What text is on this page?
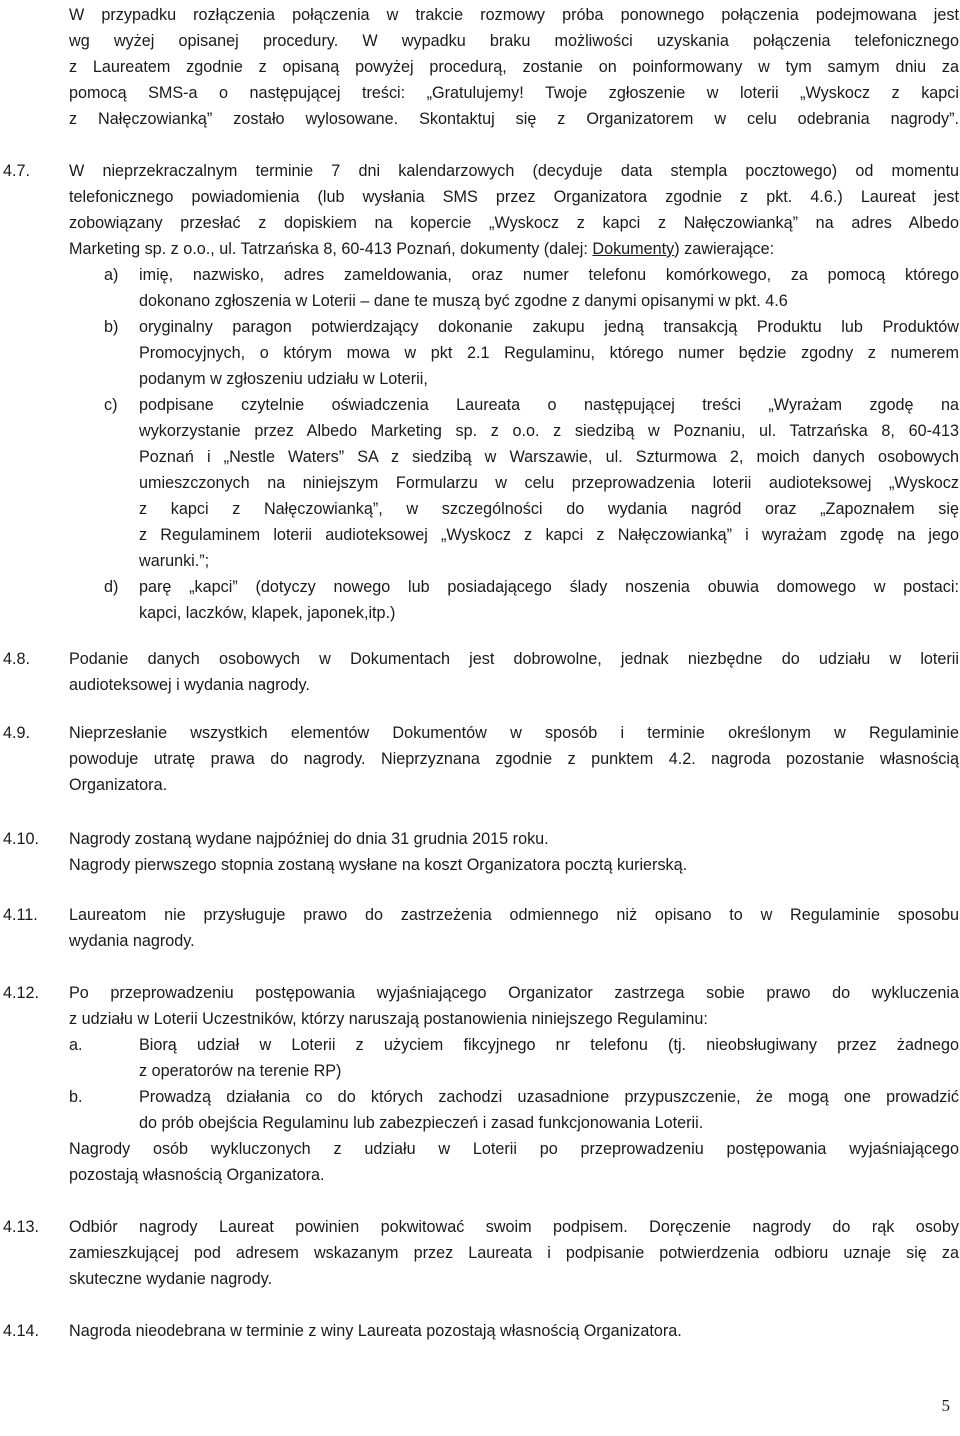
W przypadku rozłączenia połączenia w trakcie rozmowy próba ponownego połączenia podejmowana jest
wg wyżej opisanej procedury. W wypadku braku możliwości uzyskania połączenia telefonicznego
z Laureatem zgodnie z opisaną powyżej procedurą, zostanie on poinformowany w tym samym dniu za
pomocą SMS-a o następującej treści: „Gratulujemy! Twoje zgłoszenie w loterii „Wyskocz z kapci
z Nałęczowianką” zostało wylosowane. Skontaktuj się z Organizatorem w celu odebrania nagrody”.
4.7. W nieprzekraczalnym terminie 7 dni kalendarzowych (decyduje data stempla pocztowego) od momentu
telefonicznego powiadomienia (lub wysłania SMS przez Organizatora zgodnie z pkt. 4.6.) Laureat jest
zobowiązany przesłać z dopiskiem na kopercie „Wyskocz z kapci z Nałęczowianką” na adres Albedo
Marketing sp. z o.o., ul. Tatrzańska 8, 60-413 Poznań, dokumenty (dalej: Dokumenty) zawierające:
a) imię, nazwisko, adres zameldowania, oraz numer telefonu komórkowego, za pomocą którego
dokonano zgłoszenia w Loterii – dane te muszą być zgodne z danymi opisanymi w pkt. 4.6
b) oryginalny paragon potwierdzający dokonanie zakupu jedną transakcją Produktu lub Produktów
Promocyjnych, o którym mowa w pkt 2.1 Regulaminu, którego numer będzie zgodny z numerem
podanym w zgłoszeniu udziału w Loterii,
c) podpisane czytelnie oświadczenia Laureata o następującej treści „Wyrażam zgodę na
wykorzystanie przez Albedo Marketing sp. z o.o. z siedzibą w Poznaniu, ul. Tatrzańska 8, 60-413
Poznań i „Nestle Waters” SA z siedzibą w Warszawie, ul. Szturmowa 2, moich danych osobowych
umieszczonych na niniejszym Formularzu w celu przeprowadzenia loterii audioteksowej „Wyskocz
z kapci z Nałęczowianką”, w szczególności do wydania nagród oraz „Zapoznałem się
z Regulaminem loterii audioteksowej „Wyskocz z kapci z Nałęczowianką” i wyrażam zgodę na jego
warunki.”;
d) parę „kapci” (dotyczy nowego lub posiadającego ślady noszenia obuwia domowego w postaci:
kapci, laczków, klapek, japonek,itp.)
4.8. Podanie danych osobowych w Dokumentach jest dobrowolne, jednak niezbędne do udziału w loterii
audioteksowej i wydania nagrody.
4.9. Nieprzesłanie wszystkich elementów Dokumentów w sposób i terminie określonym w Regulaminie
powoduje utratę prawa do nagrody. Nieprzyznana zgodnie z punktem 4.2. nagroda pozostanie własnością
Organizatora.
4.10. Nagrody zostaną wydane najpóźniej do dnia 31 grudnia 2015 roku.
Nagrody pierwszego stopnia zostaną wysłane na koszt Organizatora pocztą kurierską.
4.11. Laureatom nie przysługuje prawo do zastrzeżenia odmiennego niż opisano to w Regulaminie sposobu
wydania nagrody.
4.12. Po przeprowadzeniu postępowania wyjaśniającego Organizator zastrzega sobie prawo do wykluczenia
z udziału w Loterii Uczestników, którzy naruszają postanowienia niniejszego Regulaminu:
a.	Biorą udział w Loterii z użyciem fikcyjnego nr telefonu (tj. nieobsługiwany przez żadnego
z operatorów na terenie RP)
b.	Prowadzą działania co do których zachodzi uzasadnione przypuszczenie, że mogą one prowadzić
do prób obejścia Regulaminu lub zabezpieczeń i zasad funkcjonowania Loterii.
Nagrody osób wykluczonych z udziału w Loterii po przeprowadzeniu postępowania wyjaśniającego
pozostają własnością Organizatora.
4.13. Odbiór nagrody Laureat powinien pokwitować swoim podpisem. Doręczenie nagrody do rąk osoby
zamieszkującej pod adresem wskazanym przez Laureata i podpisanie potwierdzenia odbioru uznaje się za
skuteczne wydanie nagrody.
4.14. Nagroda nieodebrana w terminie z winy Laureata pozostają własnością Organizatora.
5
